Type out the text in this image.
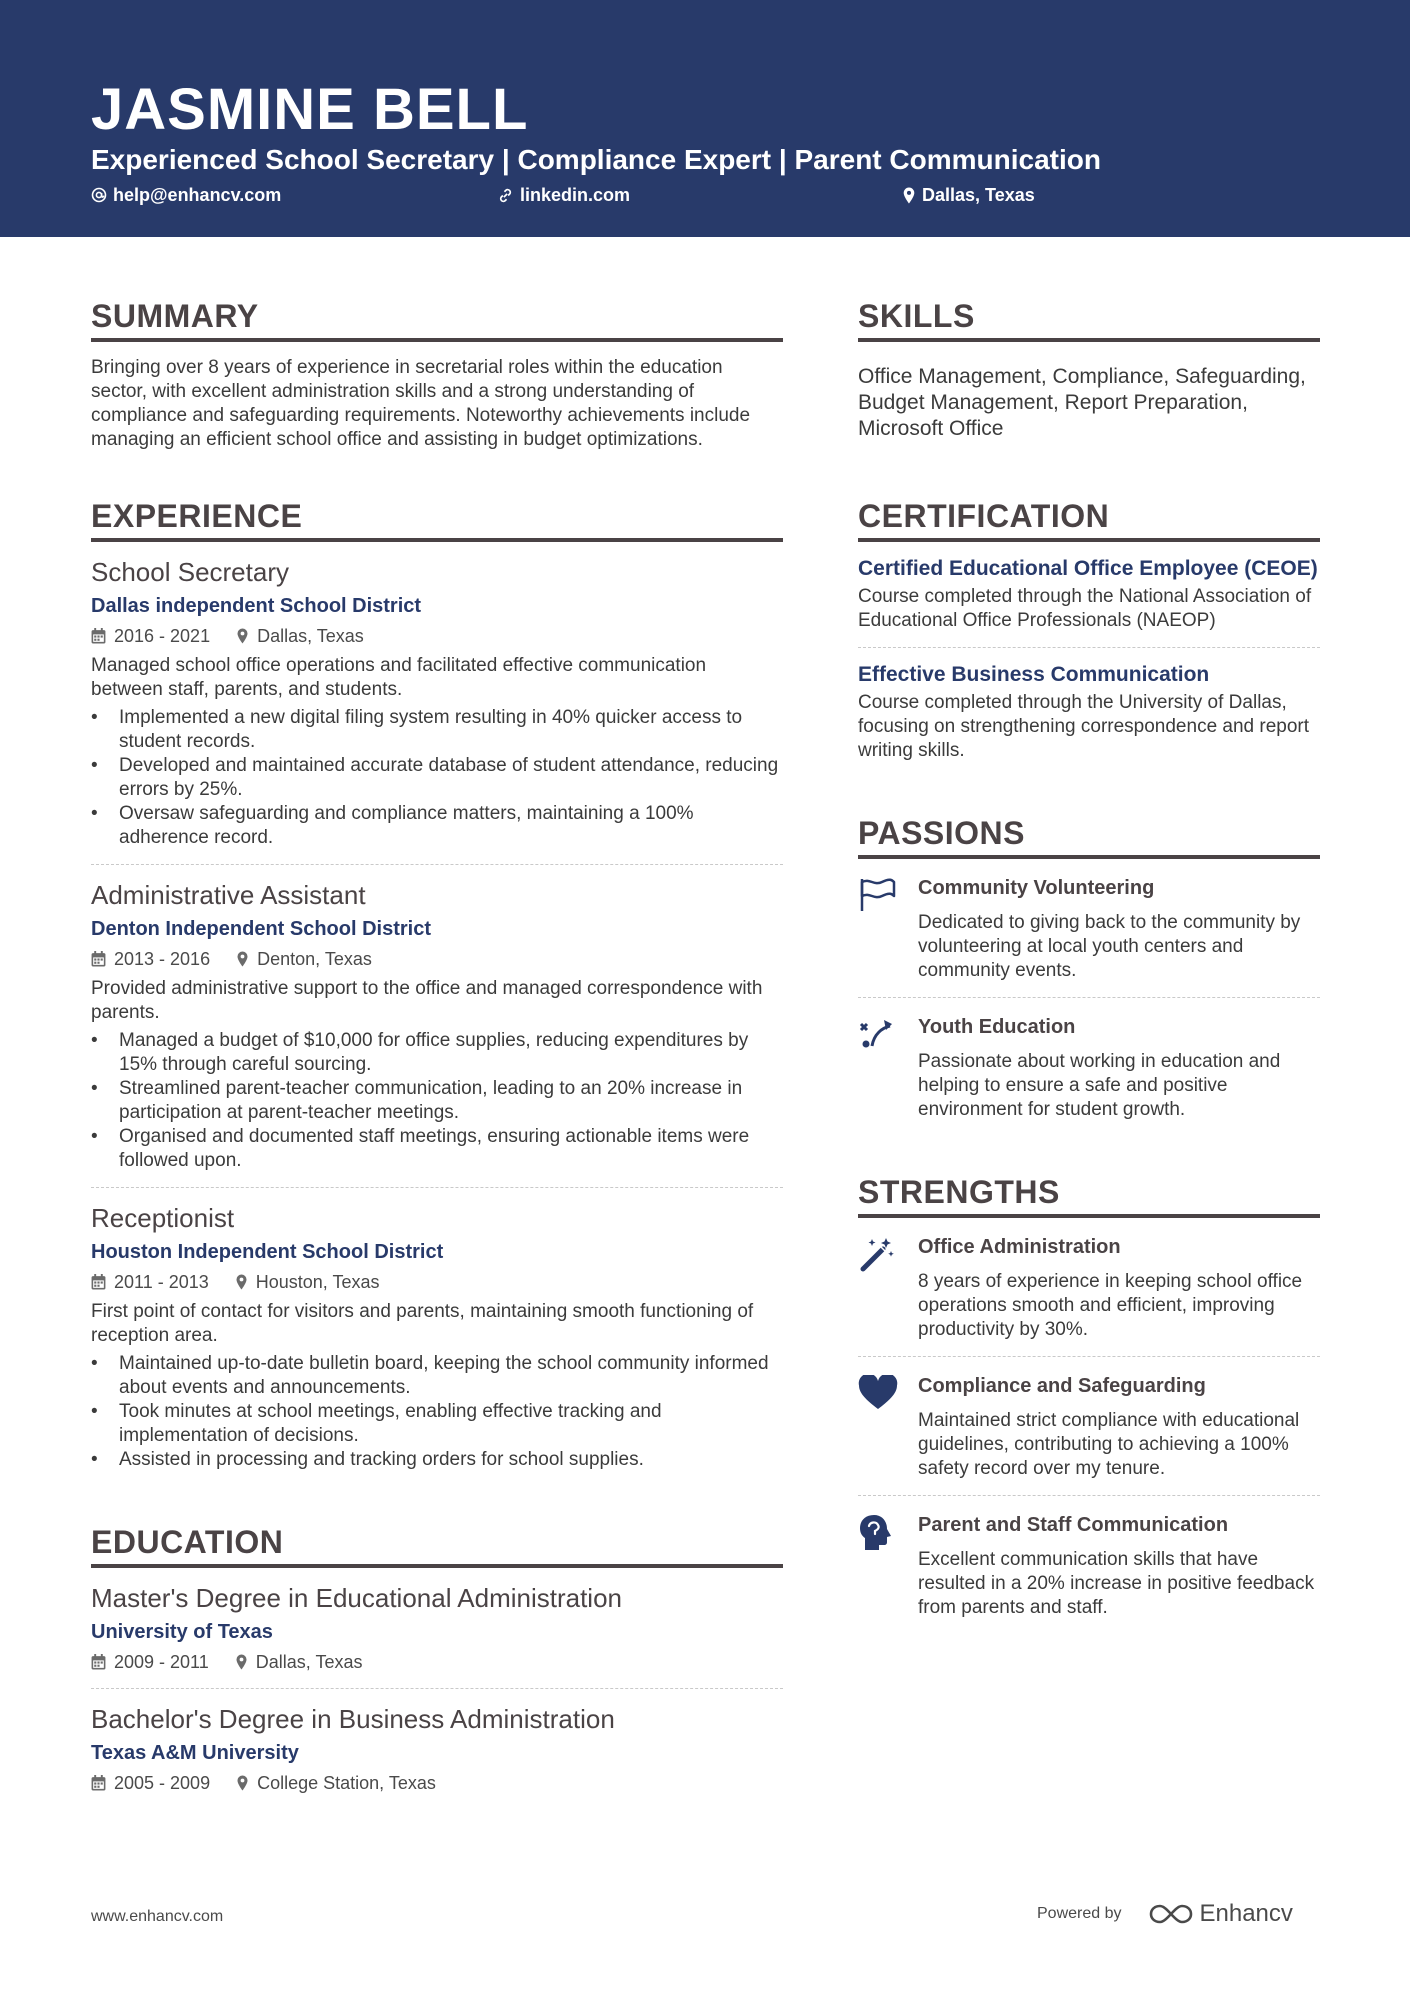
JASMINE BELL
Experienced School Secretary | Compliance Expert | Parent Communication
help@enhancv.com	linkedin.com	Dallas, Texas
SUMMARY
Bringing over 8 years of experience in secretarial roles within the education sector, with excellent administration skills and a strong understanding of compliance and safeguarding requirements. Noteworthy achievements include managing an efficient school office and assisting in budget optimizations.
EXPERIENCE
School Secretary
Dallas independent School District
2016 - 2021	Dallas, Texas
Managed school office operations and facilitated effective communication between staff, parents, and students.
• Implemented a new digital filing system resulting in 40% quicker access to student records.
• Developed and maintained accurate database of student attendance, reducing errors by 25%.
• Oversaw safeguarding and compliance matters, maintaining a 100% adherence record.
Administrative Assistant
Denton Independent School District
2013 - 2016	Denton, Texas
Provided administrative support to the office and managed correspondence with parents.
• Managed a budget of $10,000 for office supplies, reducing expenditures by 15% through careful sourcing.
• Streamlined parent-teacher communication, leading to an 20% increase in participation at parent-teacher meetings.
• Organised and documented staff meetings, ensuring actionable items were followed upon.
Receptionist
Houston Independent School District
2011 - 2013	Houston, Texas
First point of contact for visitors and parents, maintaining smooth functioning of reception area.
• Maintained up-to-date bulletin board, keeping the school community informed about events and announcements.
• Took minutes at school meetings, enabling effective tracking and implementation of decisions.
• Assisted in processing and tracking orders for school supplies.
EDUCATION
Master's Degree in Educational Administration
University of Texas
2009 - 2011	Dallas, Texas
Bachelor's Degree in Business Administration
Texas A&M University
2005 - 2009	College Station, Texas
SKILLS
Office Management, Compliance, Safeguarding, Budget Management, Report Preparation, Microsoft Office
CERTIFICATION
Certified Educational Office Employee (CEOE)
Course completed through the National Association of Educational Office Professionals (NAEOP)
Effective Business Communication
Course completed through the University of Dallas, focusing on strengthening correspondence and report writing skills.
PASSIONS
Community Volunteering
Dedicated to giving back to the community by volunteering at local youth centers and community events.
Youth Education
Passionate about working in education and helping to ensure a safe and positive environment for student growth.
STRENGTHS
Office Administration
8 years of experience in keeping school office operations smooth and efficient, improving productivity by 30%.
Compliance and Safeguarding
Maintained strict compliance with educational guidelines, contributing to achieving a 100% safety record over my tenure.
Parent and Staff Communication
Excellent communication skills that have resulted in a 20% increase in positive feedback from parents and staff.
www.enhancv.com	Powered by	Enhancv
